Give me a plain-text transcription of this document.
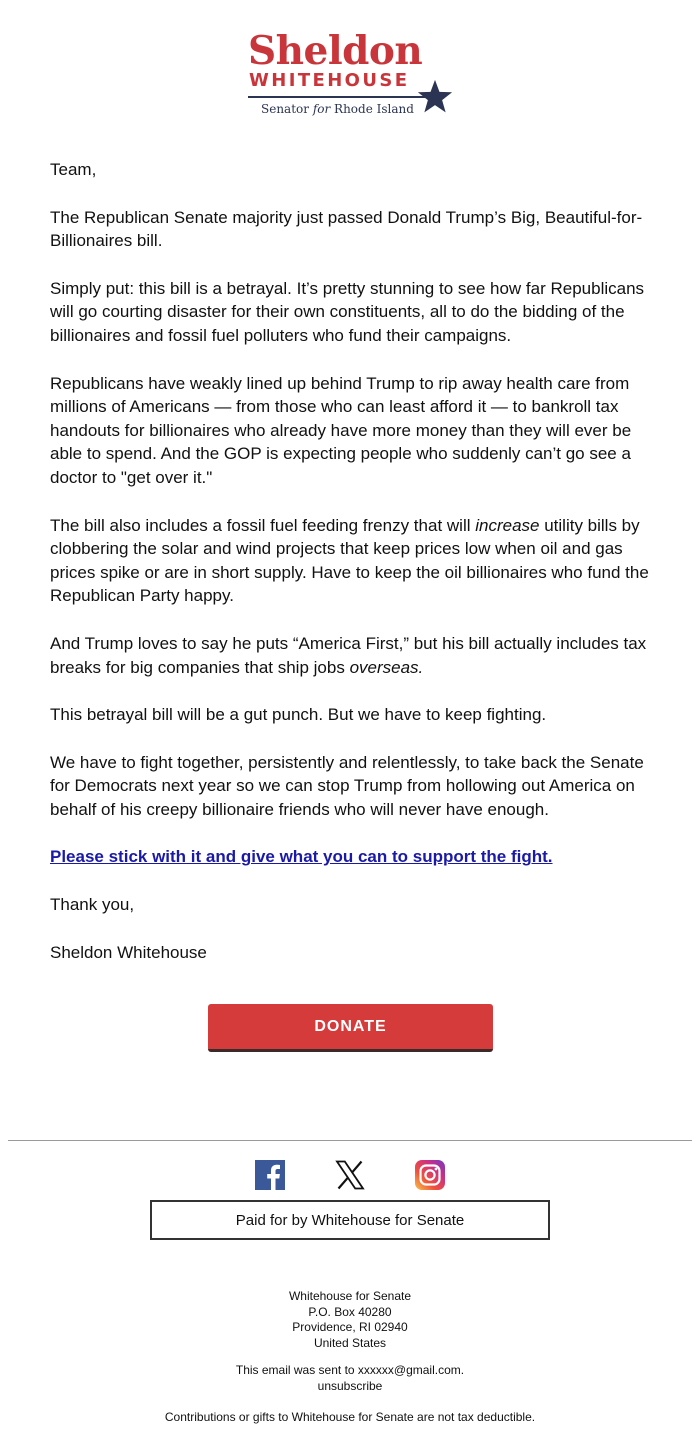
Sheldon
WHITEHOUSE
Senator for Rhode Island

Team,

The Republican Senate majority just passed Donald Trump’s Big, Beautiful-for-Billionaires bill.

Simply put: this bill is a betrayal. It’s pretty stunning to see how far Republicans will go courting disaster for their own constituents, all to do the bidding of the billionaires and fossil fuel polluters who fund their campaigns.

Republicans have weakly lined up behind Trump to rip away health care from millions of Americans — from those who can least afford it — to bankroll tax handouts for billionaires who already have more money than they will ever be able to spend. And the GOP is expecting people who suddenly can’t go see a doctor to "get over it."

The bill also includes a fossil fuel feeding frenzy that will increase utility bills by clobbering the solar and wind projects that keep prices low when oil and gas prices spike or are in short supply. Have to keep the oil billionaires who fund the Republican Party happy.

And Trump loves to say he puts “America First,” but his bill actually includes tax breaks for big companies that ship jobs overseas.

This betrayal bill will be a gut punch. But we have to keep fighting.

We have to fight together, persistently and relentlessly, to take back the Senate for Democrats next year so we can stop Trump from hollowing out America on behalf of his creepy billionaire friends who will never have enough.

Please stick with it and give what you can to support the fight.

Thank you,

Sheldon Whitehouse

DONATE
Paid for by Whitehouse for Senate
Whitehouse for Senate
P.O. Box 40280
Providence, RI 02940
United States
This email was sent to xxxxxx@gmail.com.
unsubscribe
Contributions or gifts to Whitehouse for Senate are not tax deductible.
